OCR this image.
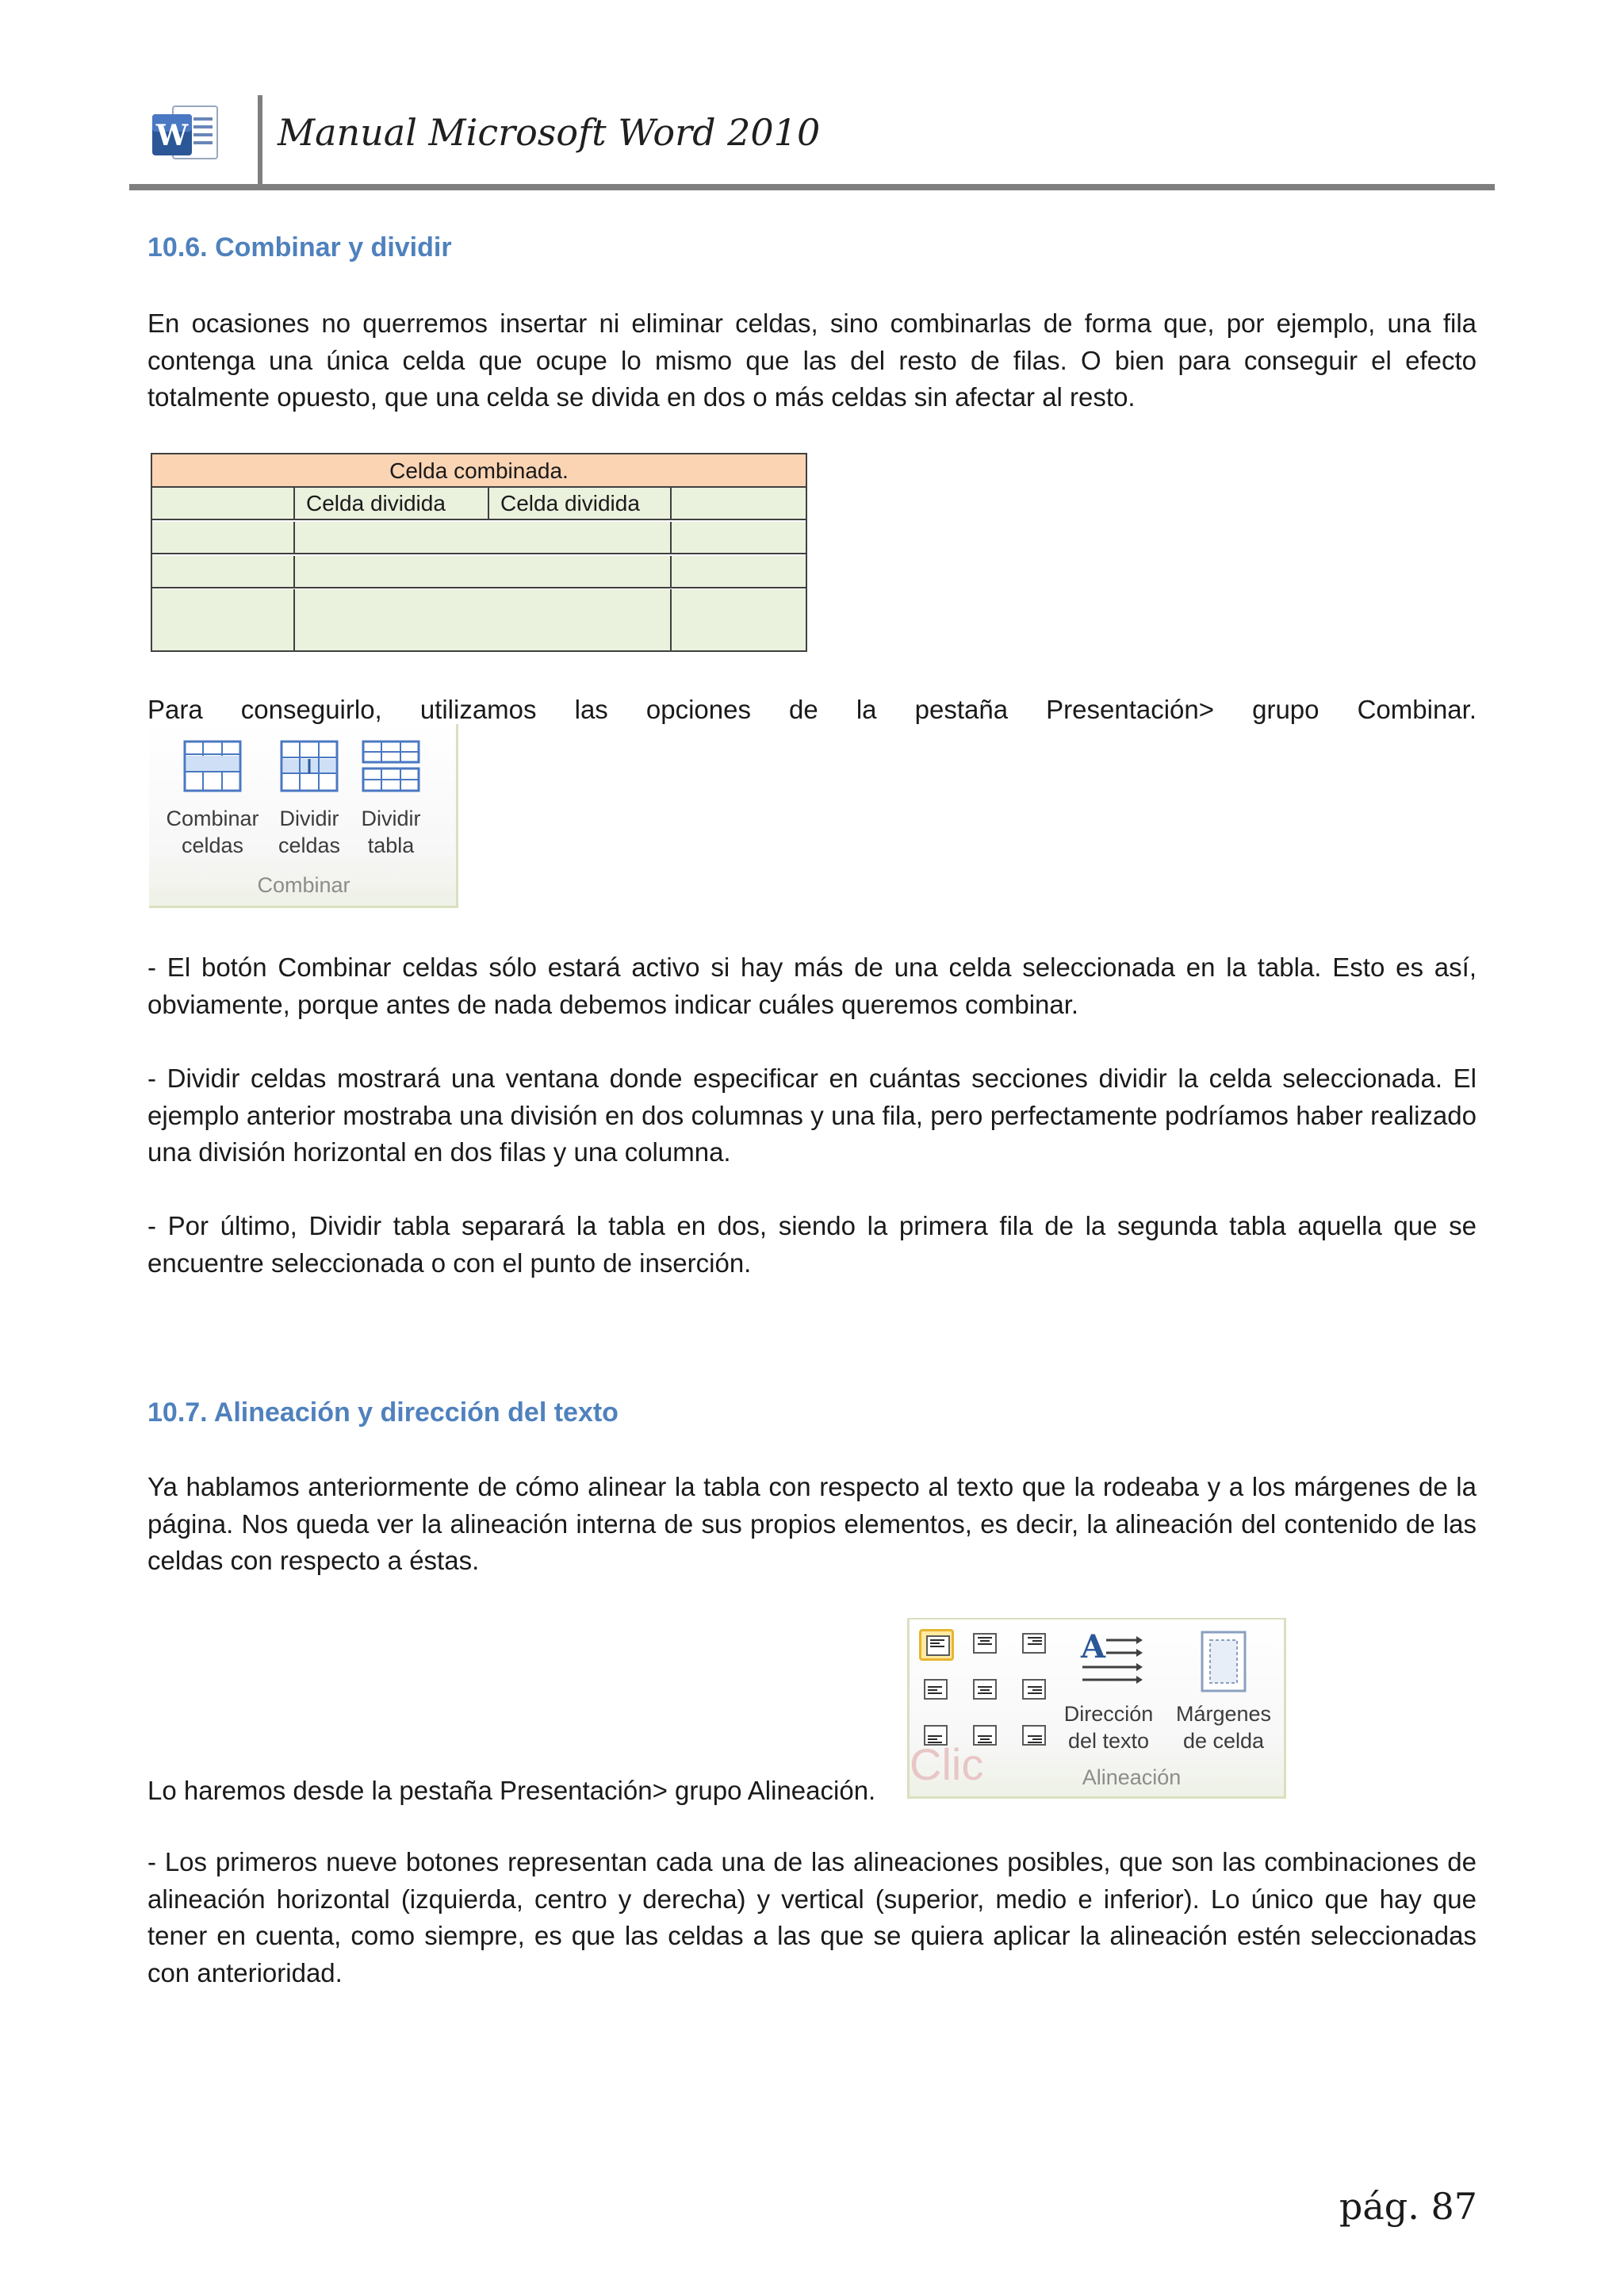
W Manual Microsoft Word 2010
10.6. Combinar y dividir

En ocasiones no querremos insertar ni eliminar celdas, sino combinarlas de forma que, por ejemplo, una fila contenga una única celda que ocupe lo mismo que las del resto de filas. O bien para conseguir el efecto totalmente opuesto, que una celda se divida en dos o más celdas sin afectar al resto.

Celda combinada.
Celda dividida	Celda dividida

Para conseguirlo, utilizamos las opciones de la pestaña Presentación> grupo Combinar.

Combinar
celdas
Dividir
celdas
Dividir
tabla
Combinar

- El botón Combinar celdas sólo estará activo si hay más de una celda seleccionada en la tabla. Esto es así, obviamente, porque antes de nada debemos indicar cuáles queremos combinar.

- Dividir celdas mostrará una ventana donde especificar en cuántas secciones dividir la celda seleccionada. El ejemplo anterior mostraba una división en dos columnas y una fila, pero perfectamente podríamos haber realizado una división horizontal en dos filas y una columna.

- Por último, Dividir tabla separará la tabla en dos, siendo la primera fila de la segunda tabla aquella que se encuentre seleccionada o con el punto de inserción.

10.7. Alineación y dirección del texto

Ya hablamos anteriormente de cómo alinear la tabla con respecto al texto que la rodeaba y a los márgenes de la página. Nos queda ver la alineación interna de sus propios elementos, es decir, la alineación del contenido de las celdas con respecto a éstas.

Lo haremos desde la pestaña Presentación> grupo Alineación.

Clic
A
Dirección
del texto
Márgenes
de celda
Alineación

- Los primeros nueve botones representan cada una de las alineaciones posibles, que son las combinaciones de alineación horizontal (izquierda, centro y derecha) y vertical (superior, medio e inferior). Lo único que hay que tener en cuenta, como siempre, es que las celdas a las que se quiera aplicar la alineación estén seleccionadas con anterioridad.

pág. 87
